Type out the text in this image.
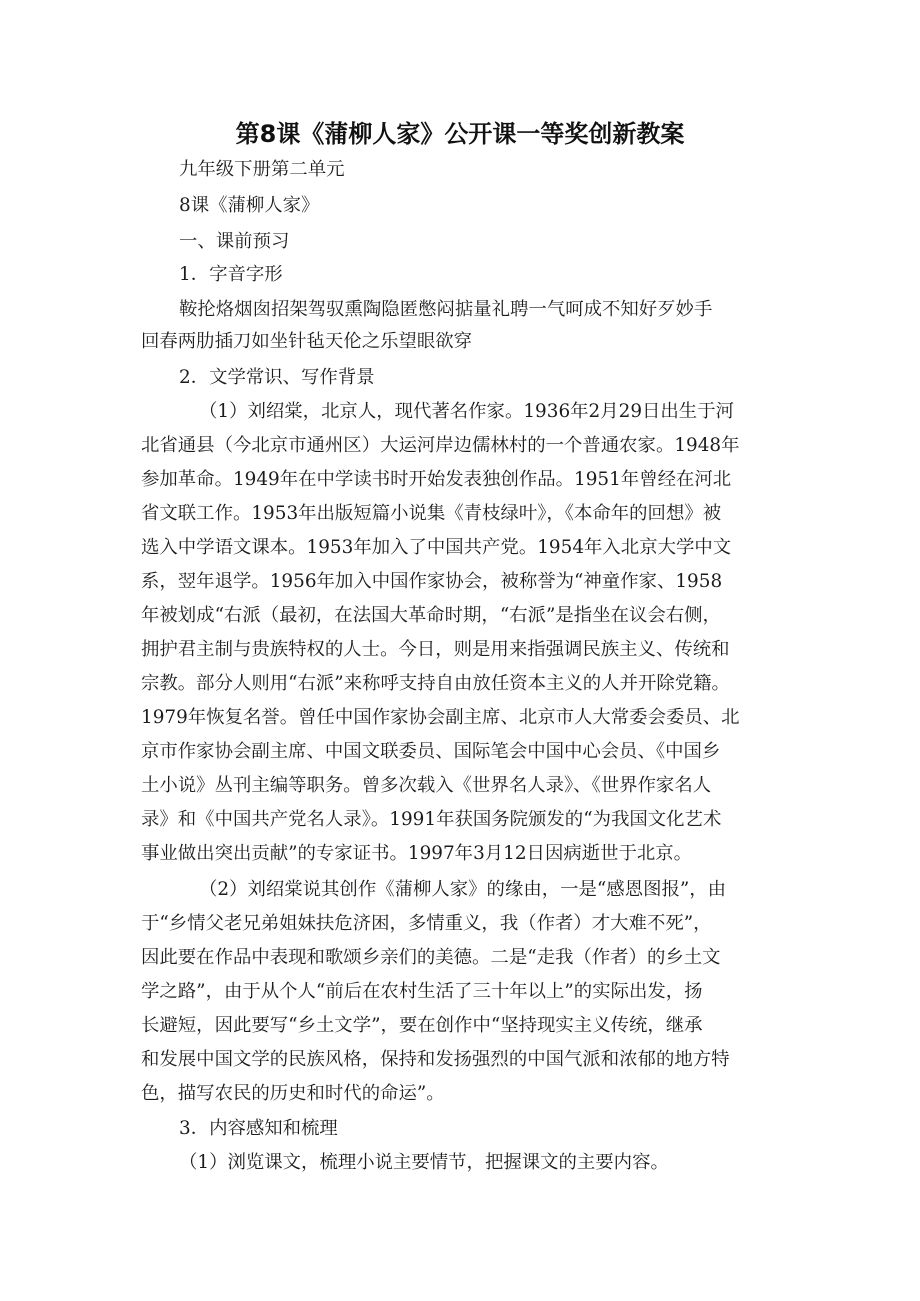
第8课《蒲柳人家》公开课一等奖创新教案
九年级下册第二单元
8课《蒲柳人家》
一、课前预习
1．字音字形
鞍抡烙烟囱招架驾驭熏陶隐匿憋闷掂量礼聘一气呵成不知好歹妙手
回春两肋插刀如坐针毡天伦之乐望眼欲穿
2．文学常识、写作背景
（1）刘绍棠，北京人，现代著名作家。1936年2月29日出生于河
北省通县（今北京市通州区）大运河岸边儒林村的一个普通农家。1948年
参加革命。1949年在中学读书时开始发表独创作品。1951年曾经在河北
省文联工作。1953年出版短篇小说集《青枝绿叶》，《本命年的回想》被
选入中学语文课本。1953年加入了中国共产党。1954年入北京大学中文
系，翌年退学。1956年加入中国作家协会，被称誉为“神童作家、1958
年被划成“右派（最初，在法国大革命时期，“右派”是指坐在议会右侧，
拥护君主制与贵族特权的人士。今日，则是用来指强调民族主义、传统和
宗教。部分人则用“右派”来称呼支持自由放任资本主义的人并开除党籍。
1979年恢复名誉。曾任中国作家协会副主席、北京市人大常委会委员、北
京市作家协会副主席、中国文联委员、国际笔会中国中心会员、《中国乡
土小说》丛刊主编等职务。曾多次载入《世界名人录》、《世界作家名人
录》和《中国共产党名人录》。1991年获国务院颁发的“为我国文化艺术
事业做出突出贡献”的专家证书。1997年3月12日因病逝世于北京。
（2）刘绍棠说其创作《蒲柳人家》的缘由，一是“感恩图报”，由
于“乡情父老兄弟姐妹扶危济困，多情重义，我（作者）才大难不死”，
因此要在作品中表现和歌颂乡亲们的美德。二是“走我（作者）的乡土文
学之路”，由于从个人“前后在农村生活了三十年以上”的实际出发，扬
长避短，因此要写“乡土文学”，要在创作中“坚持现实主义传统，继承
和发展中国文学的民族风格，保持和发扬强烈的中国气派和浓郁的地方特
色，描写农民的历史和时代的命运”。
3．内容感知和梳理
（1）浏览课文，梳理小说主要情节，把握课文的主要内容。
